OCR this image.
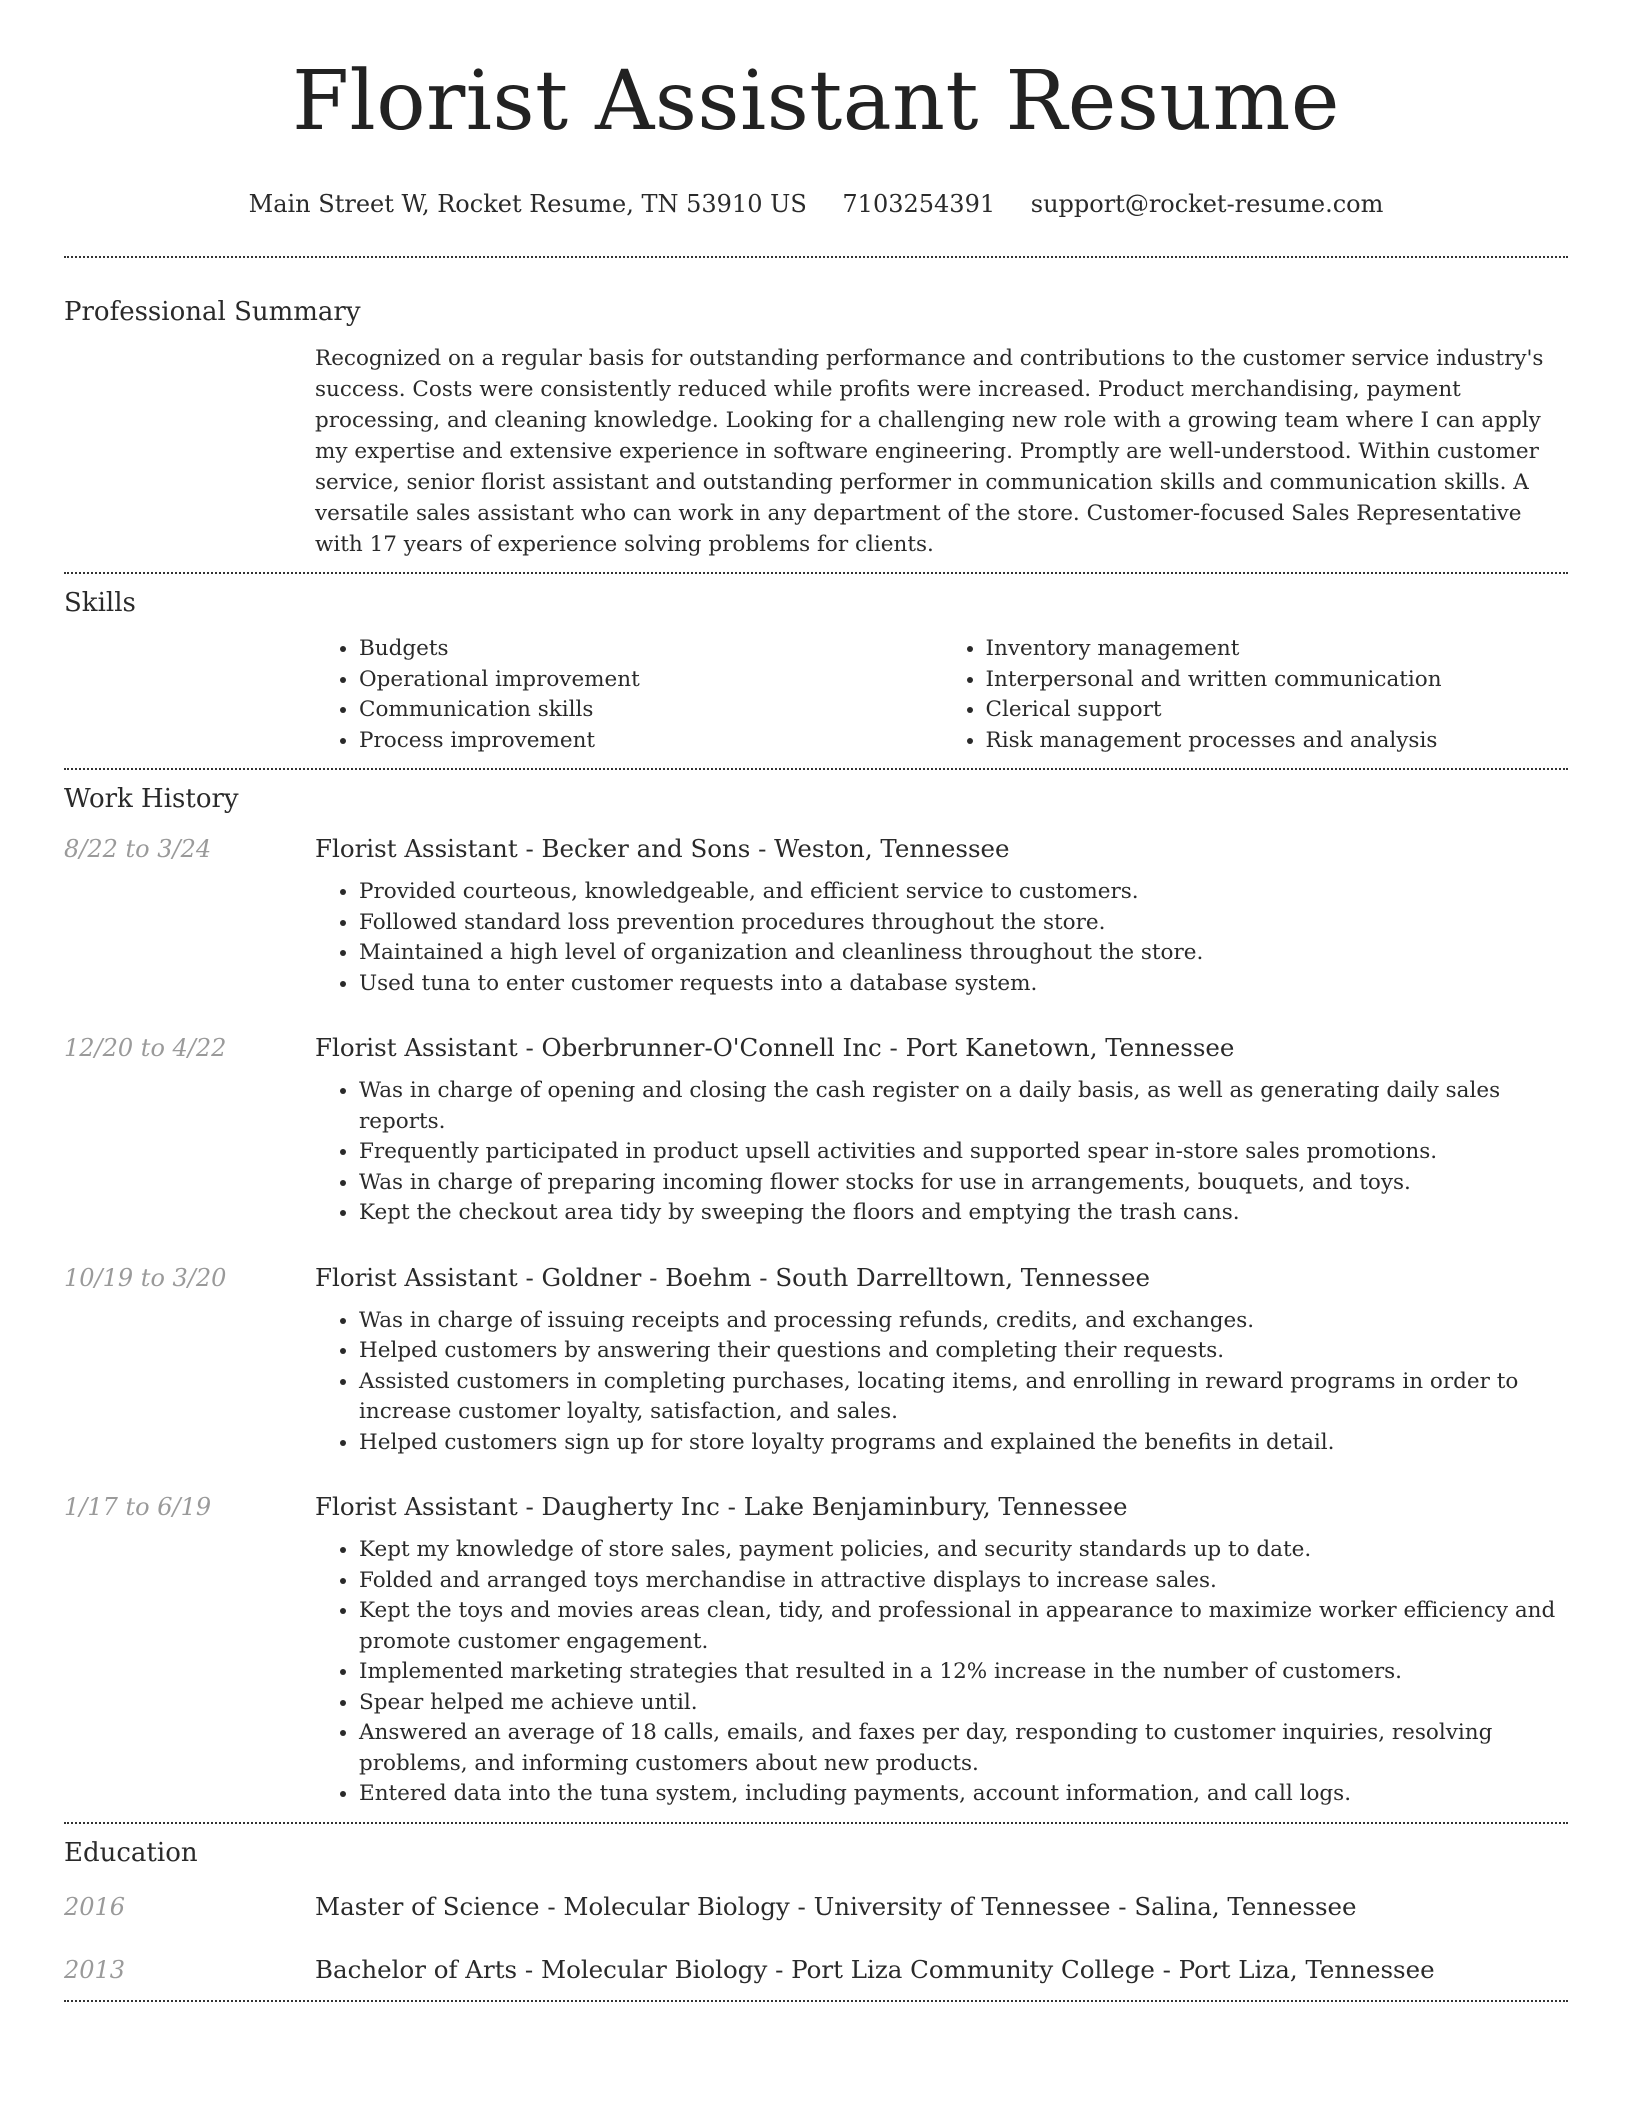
Florist Assistant Resume
Main Street W, Rocket Resume, TN 53910 US 7103254391 support@rocket-resume.com
Professional Summary
Recognized on a regular basis for outstanding performance and contributions to the customer service industry's success. Costs were consistently reduced while profits were increased. Product merchandising, payment processing, and cleaning knowledge. Looking for a challenging new role with a growing team where I can apply my expertise and extensive experience in software engineering. Promptly are well-understood. Within customer service, senior florist assistant and outstanding performer in communication skills and communication skills. A versatile sales assistant who can work in any department of the store. Customer-focused Sales Representative with 17 years of experience solving problems for clients.
Skills
• Budgets
• Operational improvement
• Communication skills
• Process improvement
• Inventory management
• Interpersonal and written communication
• Clerical support
• Risk management processes and analysis
Work History
8/22 to 3/24	Florist Assistant - Becker and Sons - Weston, Tennessee
• Provided courteous, knowledgeable, and efficient service to customers.
• Followed standard loss prevention procedures throughout the store.
• Maintained a high level of organization and cleanliness throughout the store.
• Used tuna to enter customer requests into a database system.
12/20 to 4/22	Florist Assistant - Oberbrunner-O'Connell Inc - Port Kanetown, Tennessee
• Was in charge of opening and closing the cash register on a daily basis, as well as generating daily sales reports.
• Frequently participated in product upsell activities and supported spear in-store sales promotions.
• Was in charge of preparing incoming flower stocks for use in arrangements, bouquets, and toys.
• Kept the checkout area tidy by sweeping the floors and emptying the trash cans.
10/19 to 3/20	Florist Assistant - Goldner - Boehm - South Darrelltown, Tennessee
• Was in charge of issuing receipts and processing refunds, credits, and exchanges.
• Helped customers by answering their questions and completing their requests.
• Assisted customers in completing purchases, locating items, and enrolling in reward programs in order to increase customer loyalty, satisfaction, and sales.
• Helped customers sign up for store loyalty programs and explained the benefits in detail.
1/17 to 6/19	Florist Assistant - Daugherty Inc - Lake Benjaminbury, Tennessee
• Kept my knowledge of store sales, payment policies, and security standards up to date.
• Folded and arranged toys merchandise in attractive displays to increase sales.
• Kept the toys and movies areas clean, tidy, and professional in appearance to maximize worker efficiency and promote customer engagement.
• Implemented marketing strategies that resulted in a 12% increase in the number of customers.
• Spear helped me achieve until.
• Answered an average of 18 calls, emails, and faxes per day, responding to customer inquiries, resolving problems, and informing customers about new products.
• Entered data into the tuna system, including payments, account information, and call logs.
Education
2016	Master of Science - Molecular Biology - University of Tennessee - Salina, Tennessee
2013	Bachelor of Arts - Molecular Biology - Port Liza Community College - Port Liza, Tennessee
